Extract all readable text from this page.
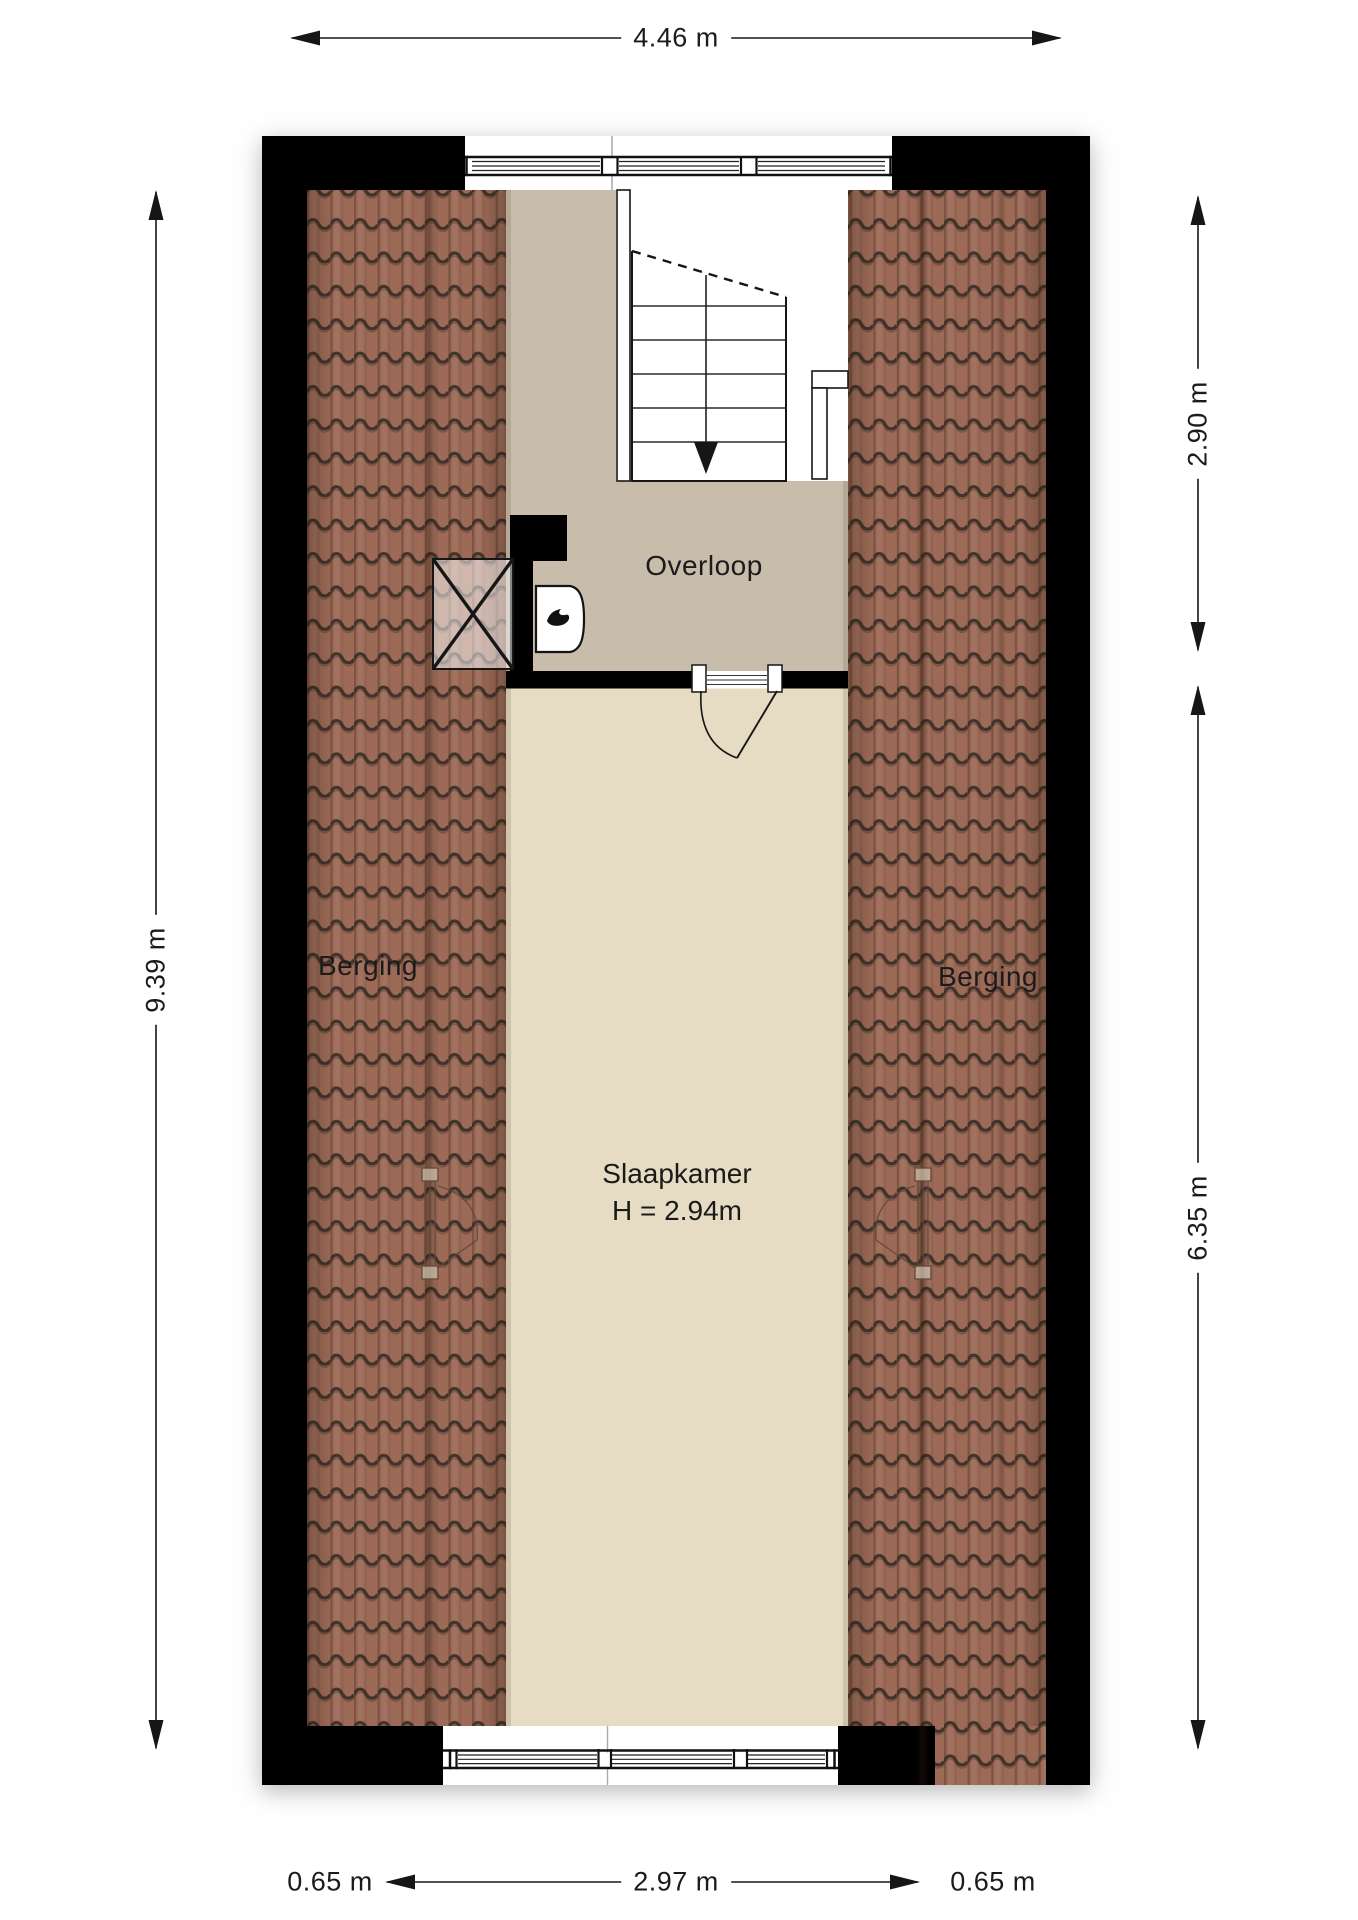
4.46 m
9.39 m
2.90 m
6.35 m
0.65 m	2.97 m	0.65 m
Overloop
Berging	Berging
Slaapkamer
H = 2.94m
